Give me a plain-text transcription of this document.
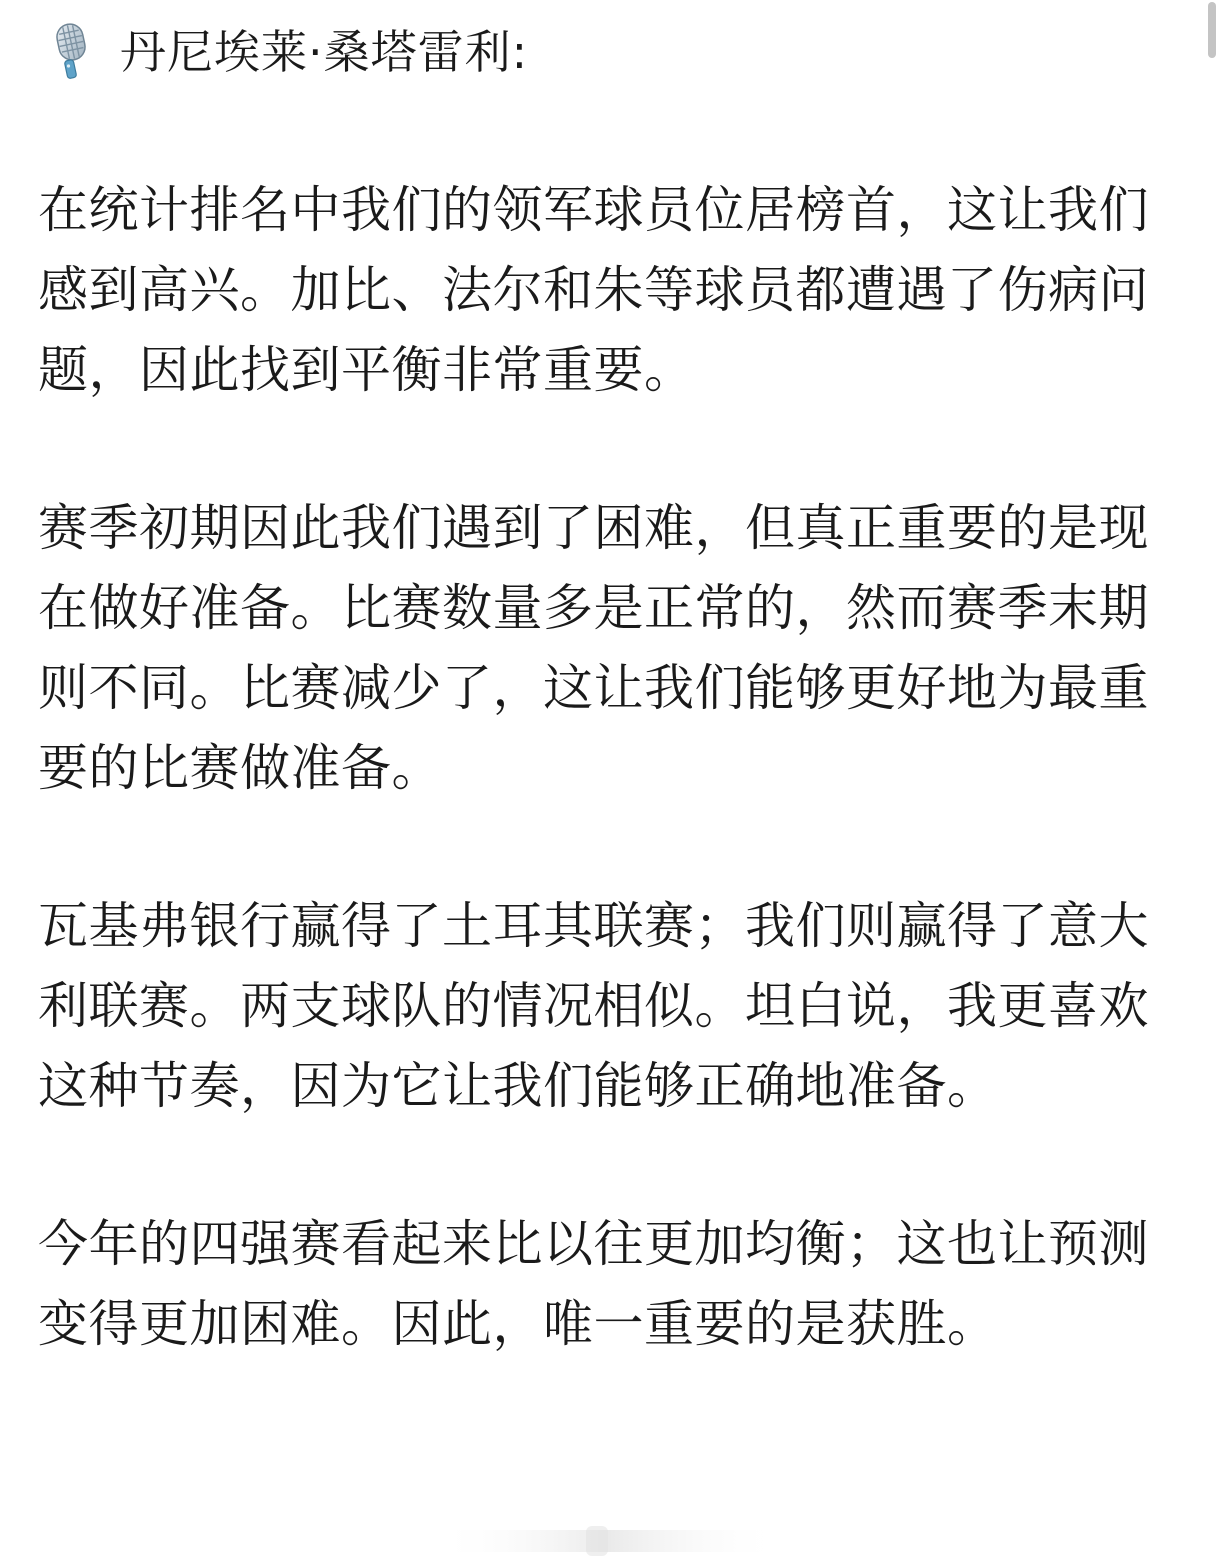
丹尼埃莱·桑塔雷利:

在统计排名中我们的领军球员位居榜首，这让我们感到高兴。加比、法尔和朱等球员都遭遇了伤病问题，因此找到平衡非常重要。

赛季初期因此我们遇到了困难，但真正重要的是现在做好准备。比赛数量多是正常的，然而赛季末期则不同。比赛减少了，这让我们能够更好地为最重要的比赛做准备。

瓦基弗银行赢得了土耳其联赛；我们则赢得了意大利联赛。两支球队的情况相似。坦白说，我更喜欢这种节奏，因为它让我们能够正确地准备。

今年的四强赛看起来比以往更加均衡；这也让预测变得更加困难。因此，唯一重要的是获胜。
